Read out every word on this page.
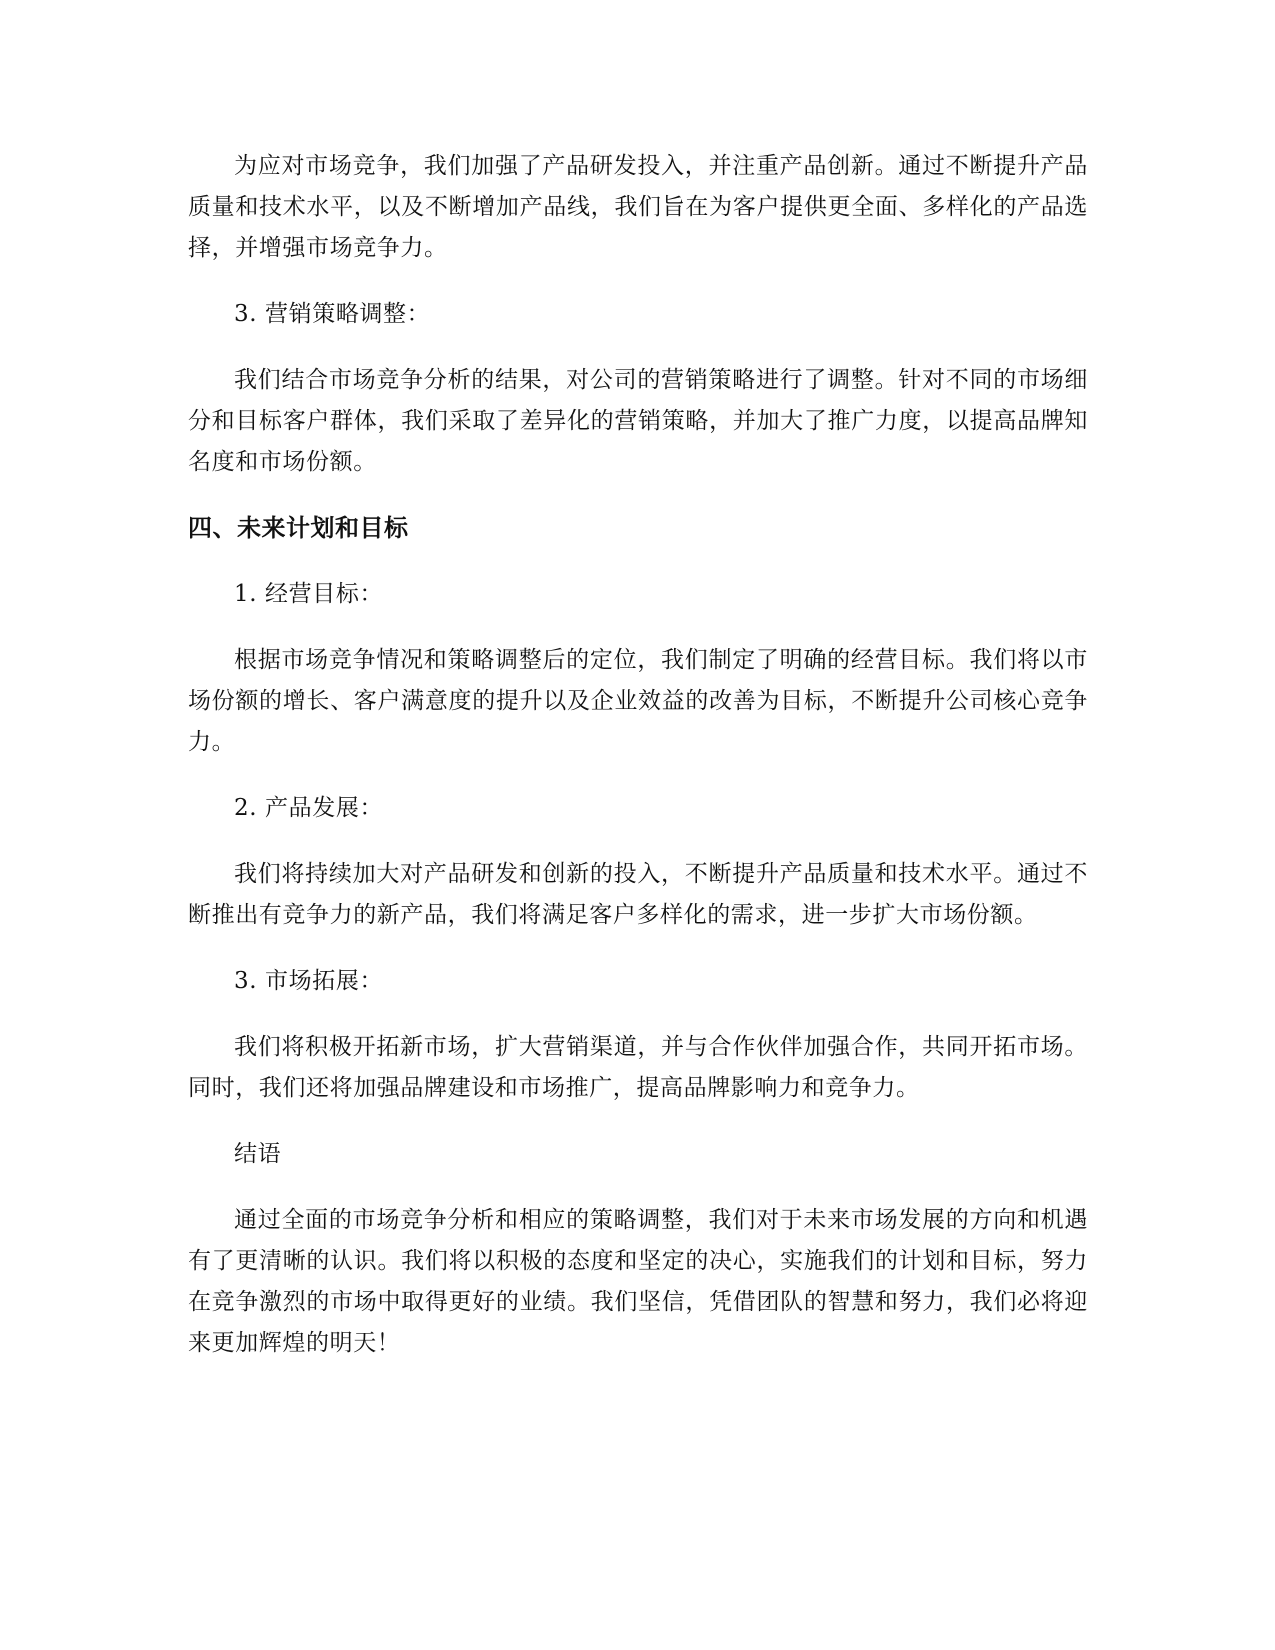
为应对市场竞争，我们加强了产品研发投入，并注重产品创新。通过不断提升产品质量和技术水平，以及不断增加产品线，我们旨在为客户提供更全面、多样化的产品选择，并增强市场竞争力。

3. 营销策略调整：

我们结合市场竞争分析的结果，对公司的营销策略进行了调整。针对不同的市场细分和目标客户群体，我们采取了差异化的营销策略，并加大了推广力度，以提高品牌知名度和市场份额。

四、未来计划和目标

1. 经营目标：

根据市场竞争情况和策略调整后的定位，我们制定了明确的经营目标。我们将以市场份额的增长、客户满意度的提升以及企业效益的改善为目标，不断提升公司核心竞争力。

2. 产品发展：

我们将持续加大对产品研发和创新的投入，不断提升产品质量和技术水平。通过不断推出有竞争力的新产品，我们将满足客户多样化的需求，进一步扩大市场份额。

3. 市场拓展：

我们将积极开拓新市场，扩大营销渠道，并与合作伙伴加强合作，共同开拓市场。同时，我们还将加强品牌建设和市场推广，提高品牌影响力和竞争力。

结语

通过全面的市场竞争分析和相应的策略调整，我们对于未来市场发展的方向和机遇有了更清晰的认识。我们将以积极的态度和坚定的决心，实施我们的计划和目标，努力在竞争激烈的市场中取得更好的业绩。我们坚信，凭借团队的智慧和努力，我们必将迎来更加辉煌的明天！
